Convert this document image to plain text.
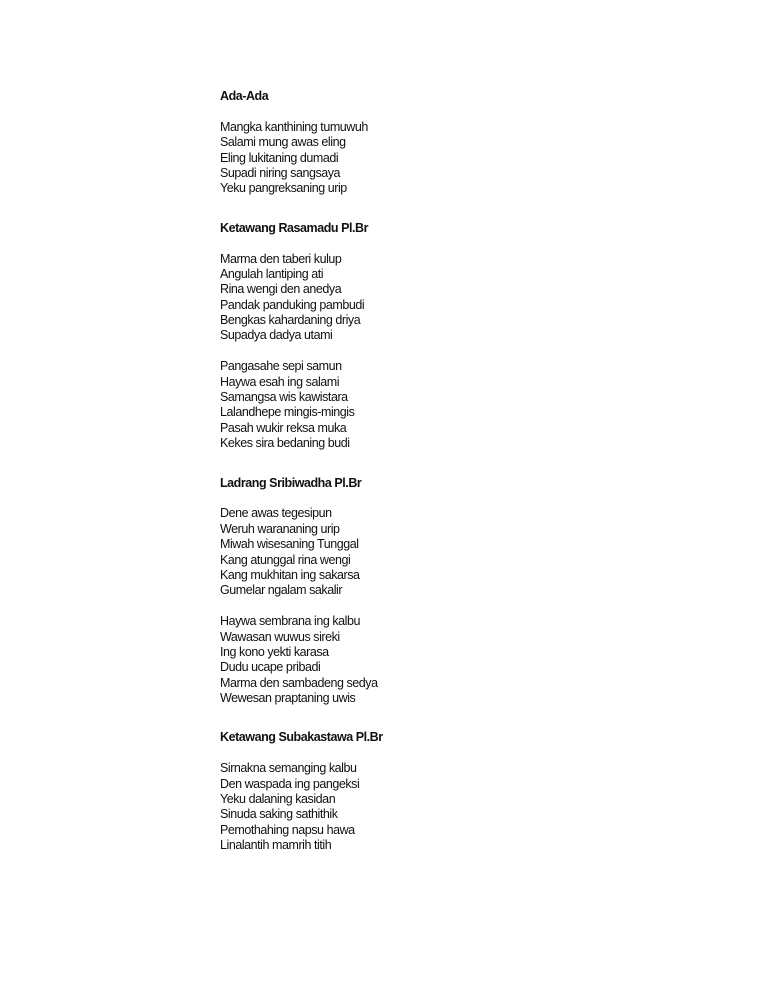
Ada-Ada
Mangka kanthining tumuwuh
Salami mung awas eling
Eling lukitaning dumadi
Supadi niring sangsaya
Yeku pangreksaning urip
Ketawang Rasamadu Pl.Br
Marma den taberi kulup
Angulah lantiping ati
Rina wengi den anedya
Pandak panduking pambudi
Bengkas kahardaning driya
Supadya dadya utami
Pangasahe sepi samun
Haywa esah ing salami
Samangsa wis kawistara
Lalandhepe mingis-mingis
Pasah wukir reksa muka
Kekes sira bedaning budi
Ladrang Sribiwadha Pl.Br
Dene awas tegesipun
Weruh warananing urip
Miwah wisesaning Tunggal
Kang atunggal rina wengi
Kang mukhitan ing sakarsa
Gumelar ngalam sakalir
Haywa sembrana ing kalbu
Wawasan wuwus sireki
Ing kono yekti karasa
Dudu ucape pribadi
Marma den sambadeng sedya
Wewesan praptaning uwis
Ketawang Subakastawa Pl.Br
Sirnakna semanging kalbu
Den waspada ing pangeksi
Yeku dalaning kasidan
Sinuda saking sathithik
Pemothahing napsu hawa
Linalantih mamrih titih
